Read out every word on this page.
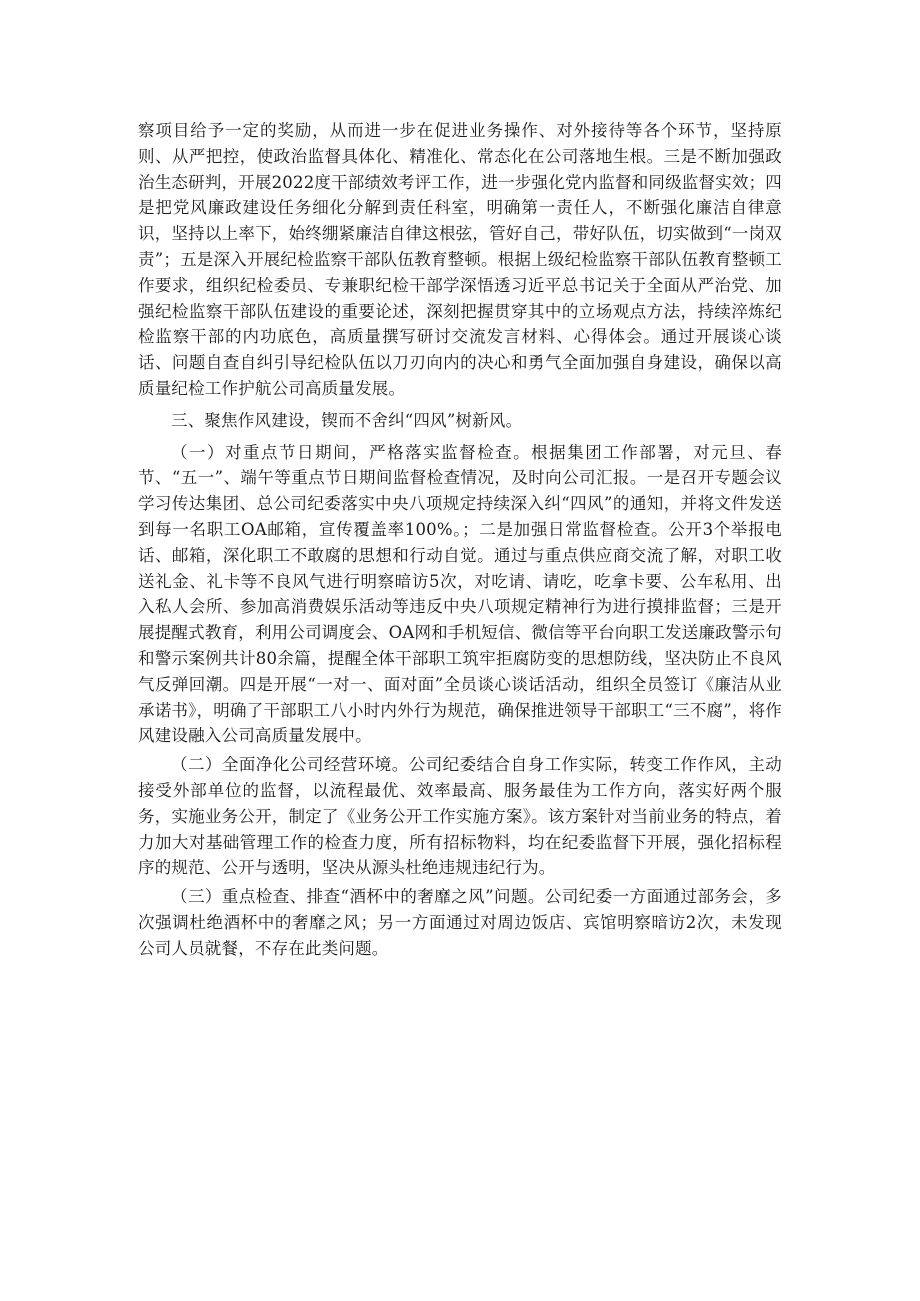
察项目给予一定的奖励，从而进一步在促进业务操作、对外接待等各个环节，坚持原则、从严把控，使政治监督具体化、精准化、常态化在公司落地生根。三是不断加强政治生态研判，开展2022度干部绩效考评工作，进一步强化党内监督和同级监督实效；四是把党风廉政建设任务细化分解到责任科室，明确第一责任人，不断强化廉洁自律意识，坚持以上率下，始终绷紧廉洁自律这根弦，管好自己，带好队伍，切实做到“一岗双责”；五是深入开展纪检监察干部队伍教育整顿。根据上级纪检监察干部队伍教育整顿工作要求，组织纪检委员、专兼职纪检干部学深悟透习近平总书记关于全面从严治党、加强纪检监察干部队伍建设的重要论述，深刻把握贯穿其中的立场观点方法，持续淬炼纪检监察干部的内功底色，高质量撰写研讨交流发言材料、心得体会。通过开展谈心谈话、问题自查自纠引导纪检队伍以刀刃向内的决心和勇气全面加强自身建设，确保以高质量纪检工作护航公司高质量发展。

三、聚焦作风建设，锲而不舍纠“四风”树新风。

（一）对重点节日期间，严格落实监督检查。根据集团工作部署，对元旦、春节、“五一”、端午等重点节日期间监督检查情况，及时向公司汇报。一是召开专题会议学习传达集团、总公司纪委落实中央八项规定持续深入纠“四风”的通知，并将文件发送到每一名职工OA邮箱，宣传覆盖率100%。；二是加强日常监督检查。公开3个举报电话、邮箱，深化职工不敢腐的思想和行动自觉。通过与重点供应商交流了解，对职工收送礼金、礼卡等不良风气进行明察暗访5次，对吃请、请吃，吃拿卡要、公车私用、出入私人会所、参加高消费娱乐活动等违反中央八项规定精神行为进行摸排监督；三是开展提醒式教育，利用公司调度会、OA网和手机短信、微信等平台向职工发送廉政警示句和警示案例共计80余篇，提醒全体干部职工筑牢拒腐防变的思想防线，坚决防止不良风气反弹回潮。四是开展“一对一、面对面”全员谈心谈话活动，组织全员签订《廉洁从业承诺书》，明确了干部职工八小时内外行为规范，确保推进领导干部职工“三不腐”，将作风建设融入公司高质量发展中。

（二）全面净化公司经营环境。公司纪委结合自身工作实际，转变工作作风，主动接受外部单位的监督，以流程最优、效率最高、服务最佳为工作方向，落实好两个服务，实施业务公开，制定了《业务公开工作实施方案》。该方案针对当前业务的特点，着力加大对基础管理工作的检查力度，所有招标物料，均在纪委监督下开展，强化招标程序的规范、公开与透明，坚决从源头杜绝违规违纪行为。

（三）重点检查、排查“酒杯中的奢靡之风”问题。公司纪委一方面通过部务会，多次强调杜绝酒杯中的奢靡之风；另一方面通过对周边饭店、宾馆明察暗访2次，未发现公司人员就餐，不存在此类问题。
